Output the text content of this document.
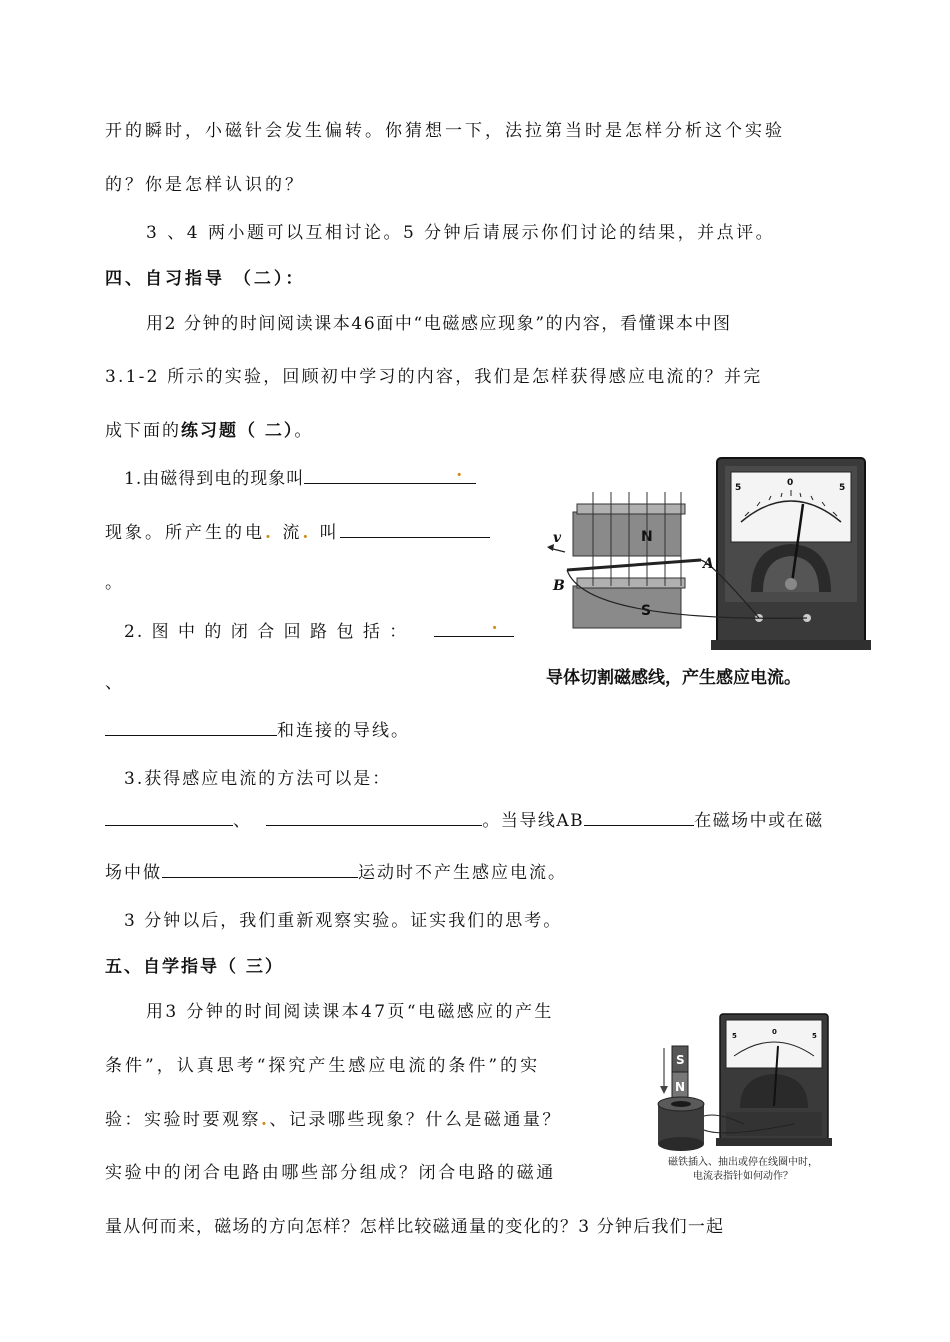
开的瞬时，小磁针会发生偏转。你猜想一下，法拉第当时是怎样分析这个实验
的？你是怎样认识的？
3 、4 两小题可以互相讨论。5 分钟后请展示你们讨论的结果，并点评。
四、自习指导 （二）：
用2 分钟的时间阅读课本46面中“电磁感应现象”的内容，看懂课本中图
3.1-2 所示的实验，回顾初中学习的内容，我们是怎样获得感应电流的？并完
成下面的练习题（ 二）。
1.由磁得到电的现象叫	.
现象。所产生的电. 流. 叫
。
2. 图 中 的 闭 合 回 路 包 括 ：	.
、
和连接的导线。
3.获得感应电流的方法可以是：
、	。当导线AB	在磁场中或在磁
场中做	运动时不产生感应电流。
3 分钟以后，我们重新观察实验。证实我们的思考。
五、自学指导（ 三）
用3 分钟的时间阅读课本47页“电磁感应的产生
条件”，认真思考“探究产生感应电流的条件”的实
验：实验时要观察.、记录哪些现象？什么是磁通量？
实验中的闭合电路由哪些部分组成？闭合电路的磁通
量从何而来，磁场的方向怎样？怎样比较磁通量的变化的？3 分钟后我们一起
5	0	5
N
S
v
A
B
导体切割磁感线，产生感应电流。
5	0	5
S
N
磁铁插入、抽出或停在线圈中时，
电流表指针如何动作？
